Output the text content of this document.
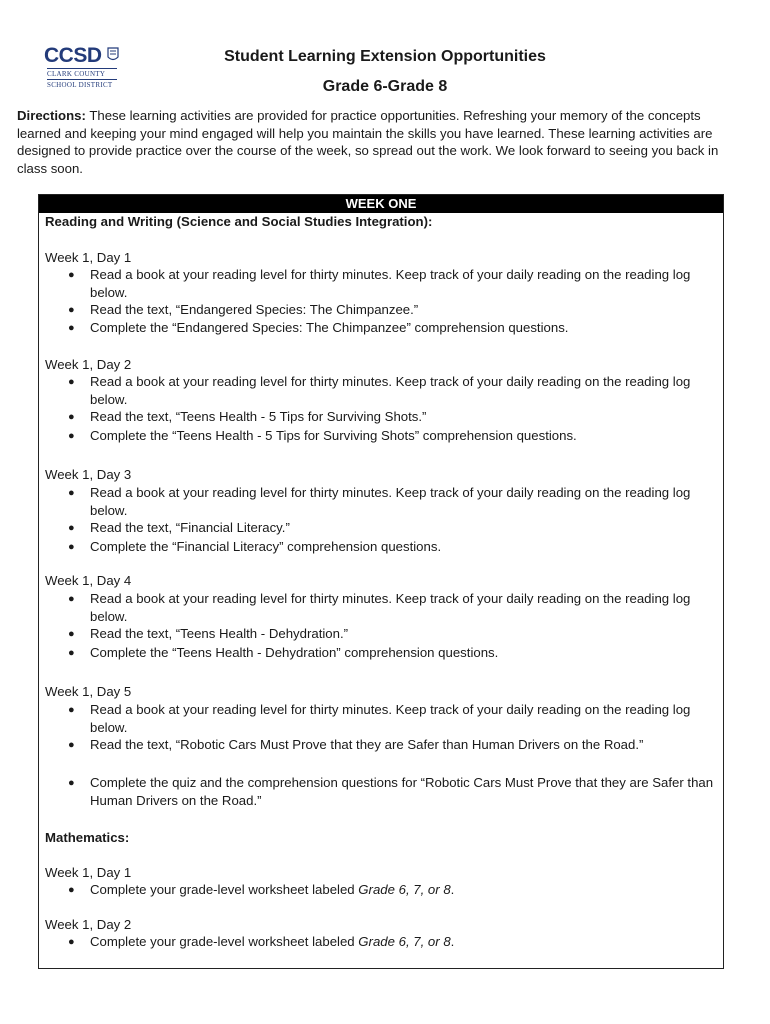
CCSD
CLARK COUNTY
SCHOOL DISTRICT
Student Learning Extension Opportunities
Grade 6-Grade 8
Directions: These learning activities are provided for practice opportunities. Refreshing your memory of the concepts learned and keeping your mind engaged will help you maintain the skills you have learned. These learning activities are designed to provide practice over the course of the week, so spread out the work. We look forward to seeing you back in class soon.
WEEK ONE
Reading and Writing (Science and Social Studies Integration):
Mathematics:
Week 1, Day 1
● Read a book at your reading level for thirty minutes. Keep track of your daily reading on the reading log below.
● Read the text, “Endangered Species: The Chimpanzee.”
● Complete the “Endangered Species: The Chimpanzee” comprehension questions.
Week 1, Day 2
● Read a book at your reading level for thirty minutes. Keep track of your daily reading on the reading log below.
● Read the text, “Teens Health - 5 Tips for Surviving Shots.”
● Complete the “Teens Health - 5 Tips for Surviving Shots” comprehension questions.
Week 1, Day 3
● Read a book at your reading level for thirty minutes. Keep track of your daily reading on the reading log below.
● Read the text, “Financial Literacy.”
● Complete the “Financial Literacy” comprehension questions.
Week 1, Day 4
● Read a book at your reading level for thirty minutes. Keep track of your daily reading on the reading log below.
● Read the text, “Teens Health - Dehydration.”
● Complete the “Teens Health - Dehydration” comprehension questions.
Week 1, Day 5
● Read a book at your reading level for thirty minutes. Keep track of your daily reading on the reading log below.
● Read the text, “Robotic Cars Must Prove that they are Safer than Human Drivers on the Road.”
● Complete the quiz and the comprehension questions for “Robotic Cars Must Prove that they are Safer than Human Drivers on the Road.”
Week 1, Day 1
● Complete your grade-level worksheet labeled Grade 6, 7, or 8.
Week 1, Day 2
● Complete your grade-level worksheet labeled Grade 6, 7, or 8.
